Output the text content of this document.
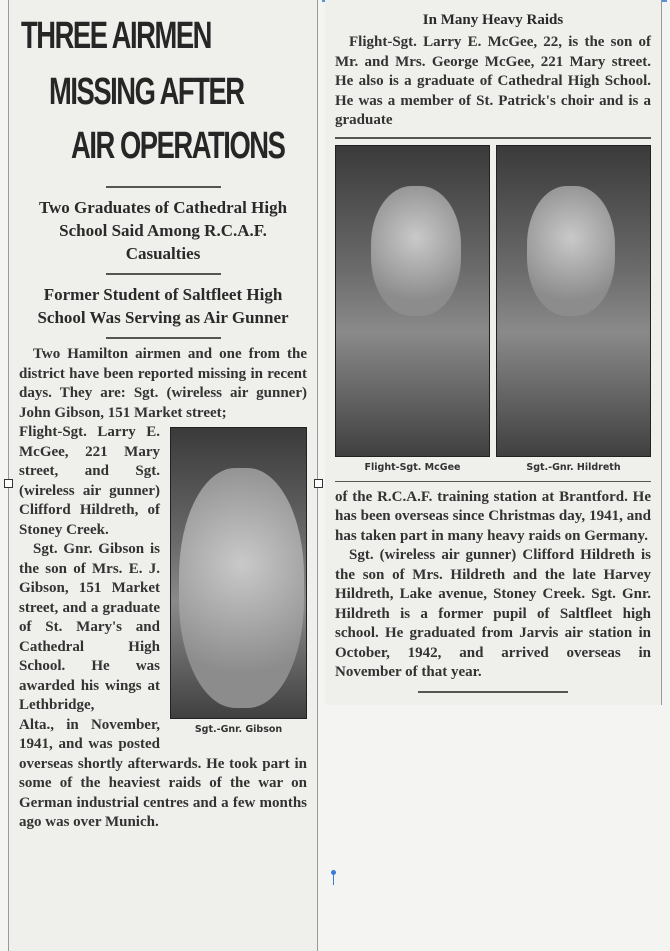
THREE AIRMEN
MISSING AFTER
AIR OPERATIONS
Two Graduates of Cathedral High School Said Among R.C.A.F. Casualties
Former Student of Saltfleet High School Was Serving as Air Gunner

Two Hamilton airmen and one from the district have been reported missing in recent days. They are: Sgt. (wireless air gunner) John Gibson, 151 Market street;

Sgt.-Gnr. Gibson

Flight-Sgt. Larry E. McGee, 221 Mary street, and Sgt. (wireless air gunner) Clifford Hildreth, of Stoney Creek.

Sgt. Gnr. Gibson is the son of Mrs. E. J. Gibson, 151 Market street, and a graduate of St. Mary's and Cathedral High School. He was awarded his wings at Lethbridge,

Alta., in November, 1941, and was posted overseas shortly afterwards. He took part in some of the heaviest raids of the war on German industrial centres and a few months ago was over Munich.

In Many Heavy Raids

Flight-Sgt. Larry E. McGee, 22, is the son of Mr. and Mrs. George McGee, 221 Mary street. He also is a graduate of Cathedral High School. He was a member of St. Patrick's choir and is a graduate

Flight-Sgt. McGee	Sgt.-Gnr. Hildreth

of the R.C.A.F. training station at Brantford. He has been overseas since Christmas day, 1941, and has taken part in many heavy raids on Germany.

Sgt. (wireless air gunner) Clifford Hildreth is the son of Mrs. Hildreth and the late Harvey Hildreth, Lake avenue, Stoney Creek. Sgt. Gnr. Hildreth is a former pupil of Saltfleet high school. He graduated from Jarvis air station in October, 1942, and arrived overseas in November of that year.
